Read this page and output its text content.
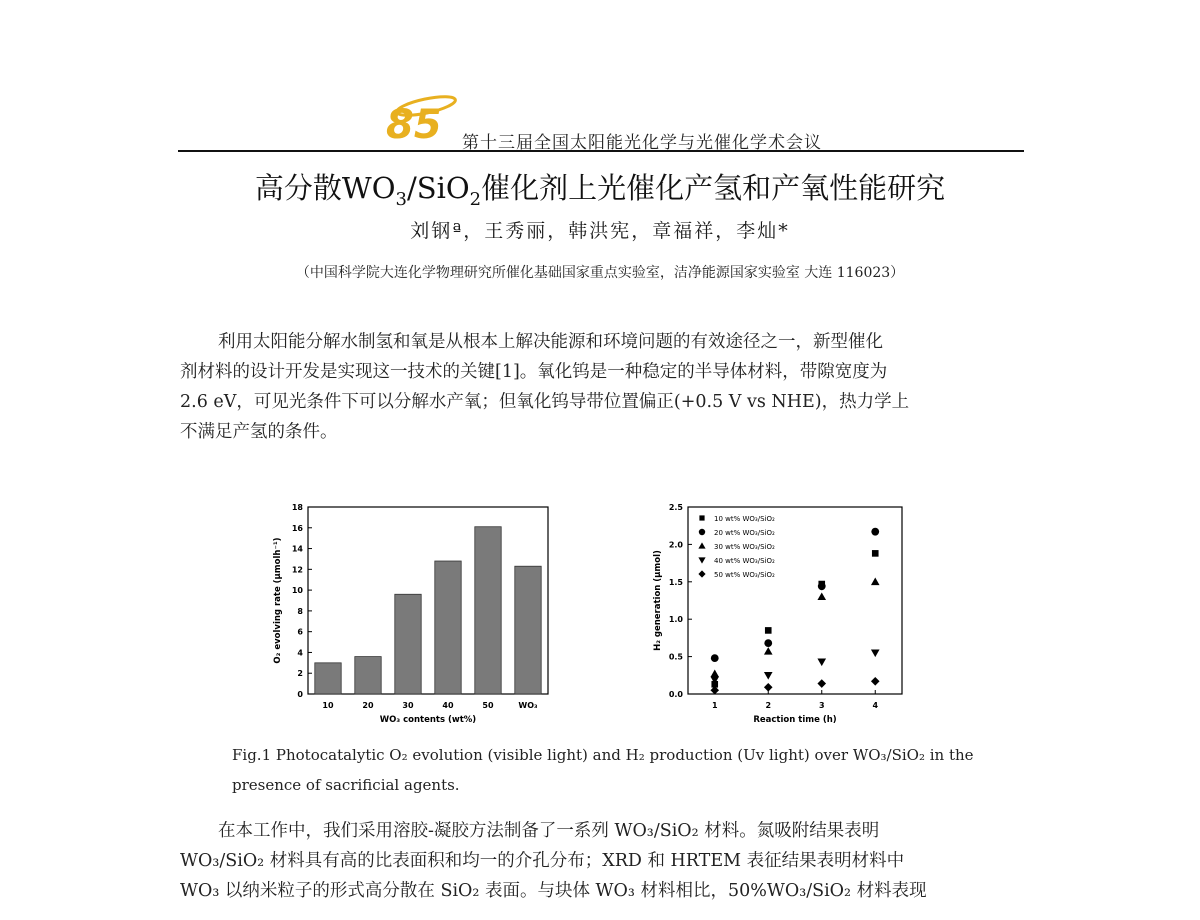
85 第十三届全国太阳能光化学与光催化学术会议
高分散$WO_3/SiO_2$催化剂上光催化产氢和产氧性能研究
刘钢ª，王秀丽，韩洪宪，章福祥，李灿*
（中国科学院大连化学物理研究所催化基础国家重点实验室，洁净能源国家实验室 大连 116023）
利用太阳能分解水制氢和氧是从根本上解决能源和环境问题的有效途径之一，新型催化
剂材料的设计开发是实现这一技术的关键[1]。氧化钨是一种稳定的半导体材料，带隙宽度为
2.6 eV，可见光条件下可以分解水产氧；但氧化钨导带位置偏正(+0.5 V vs NHE)，热力学上
不满足产氢的条件。
0
2
4
6
8
10
12
14
16
18
10	20	30	40	50	WO₃
WO₃ contents (wt%)
O₂ evolving rate (μmolh⁻¹)
0.0
0.5
1.0
1.5
2.0
2.5
1	2	3	4
Reaction time (h)
H₂ generation (μmol)
10 wt% WO₃/SiO₂
20 wt% WO₃/SiO₂
30 wt% WO₃/SiO₂
40 wt% WO₃/SiO₂
50 wt% WO₃/SiO₂
Fig.1 Photocatalytic O₂ evolution (visible light) and H₂ production (Uv light) over WO₃/SiO₂ in the
presence of sacrificial agents.
在本工作中，我们采用溶胶-凝胶方法制备了一系列 WO₃/SiO₂ 材料。氮吸附结果表明
WO₃/SiO₂ 材料具有高的比表面积和均一的介孔分布；XRD 和 HRTEM 表征结果表明材料中
WO₃ 以纳米粒子的形式高分散在 SiO₂ 表面。与块体 WO₃ 材料相比，50%WO₃/SiO₂ 材料表现
